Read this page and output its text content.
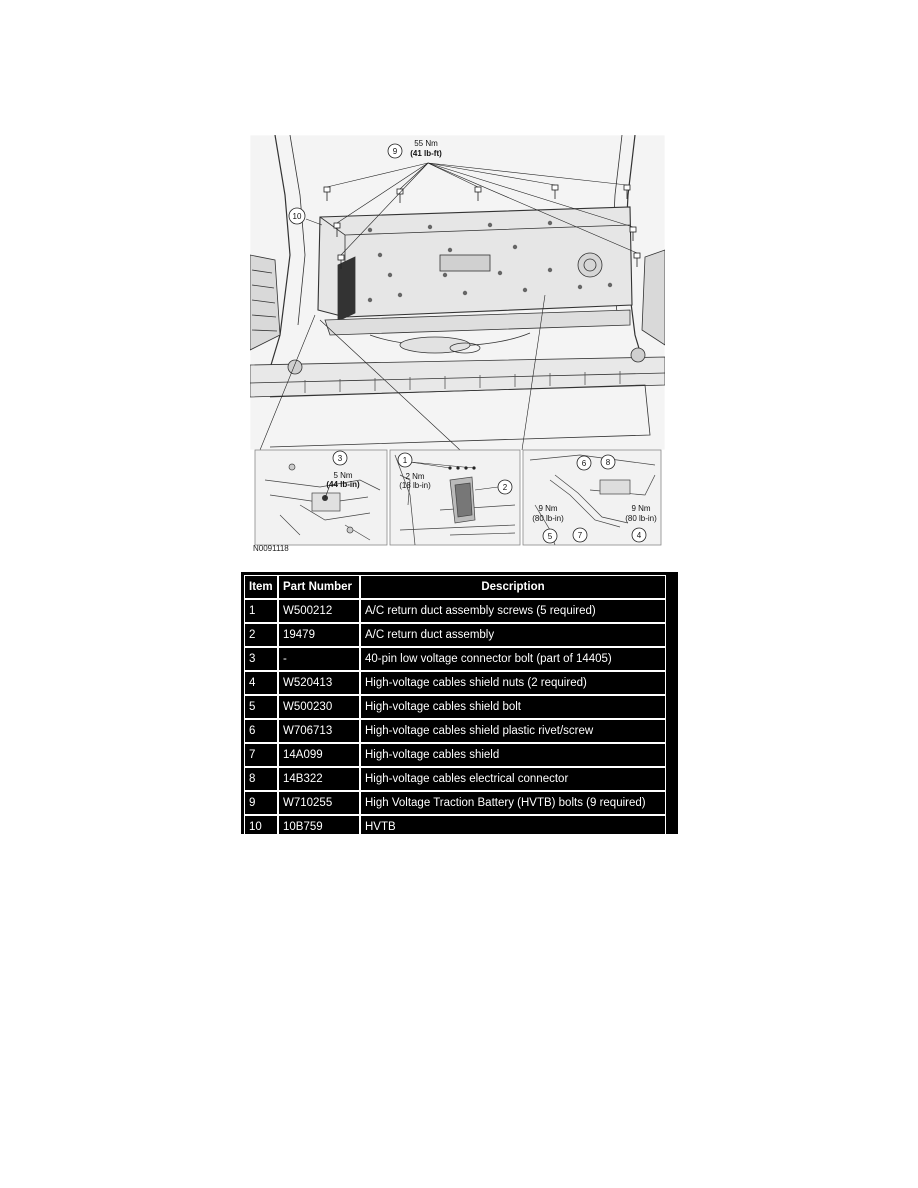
9
55 Nm
(41 lb-ft)
10
3
5 Nm
(44 lb-in)
1
2 Nm
(18 lb-in)	2
6 8
9 Nm
(80 lb-in)
9 Nm
(80 lb-in)
5	7	4
N0091118
Item	Part Number	Description
1	W500212	A/C return duct assembly screws (5 required)
2	19479	A/C return duct assembly
3	-	40-pin low voltage connector bolt (part of 14405)
4	W520413	High-voltage cables shield nuts (2 required)
5	W500230	High-voltage cables shield bolt
6	W706713	High-voltage cables shield plastic rivet/screw
7	14A099	High-voltage cables shield
8	14B322	High-voltage cables electrical connector
9	W710255	High Voltage Traction Battery (HVTB) bolts (9 required)
10	10B759	HVTB
